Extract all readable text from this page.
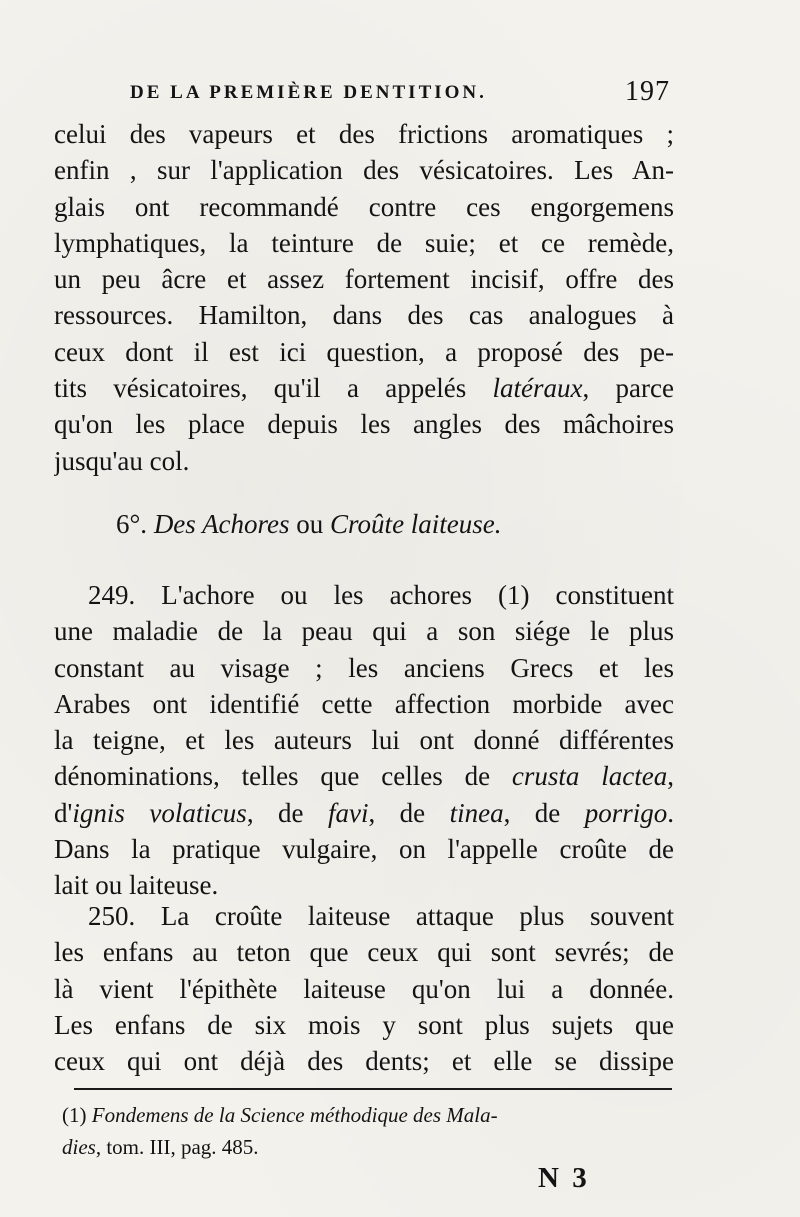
DE LA PREMIÈRE DENTITION.	197
celui des vapeurs et des frictions aromatiques ;
enfin , sur l'application des vésicatoires. Les An-
glais ont recommandé contre ces engorgemens
lymphatiques, la teinture de suie; et ce remède,
un peu âcre et assez fortement incisif, offre des
ressources. Hamilton, dans des cas analogues à
ceux dont il est ici question, a proposé des pe-
tits vésicatoires, qu'il a appelés latéraux, parce
qu'on les place depuis les angles des mâchoires
jusqu'au col.
6°. Des Achores ou Croûte laiteuse.
249. L'achore ou les achores (1) constituent
une maladie de la peau qui a son siége le plus
constant au visage ; les anciens Grecs et les
Arabes ont identifié cette affection morbide avec
la teigne, et les auteurs lui ont donné différentes
dénominations, telles que celles de crusta lactea,
d'ignis volaticus, de favi, de tinea, de porrigo.
Dans la pratique vulgaire, on l'appelle croûte de
lait ou laiteuse.
250. La croûte laiteuse attaque plus souvent
les enfans au teton que ceux qui sont sevrés; de
là vient l'épithète laiteuse qu'on lui a donnée.
Les enfans de six mois y sont plus sujets que
ceux qui ont déjà des dents; et elle se dissipe
(1) Fondemens de la Science méthodique des Mala-
dies, tom. III, pag. 485.
N 3
